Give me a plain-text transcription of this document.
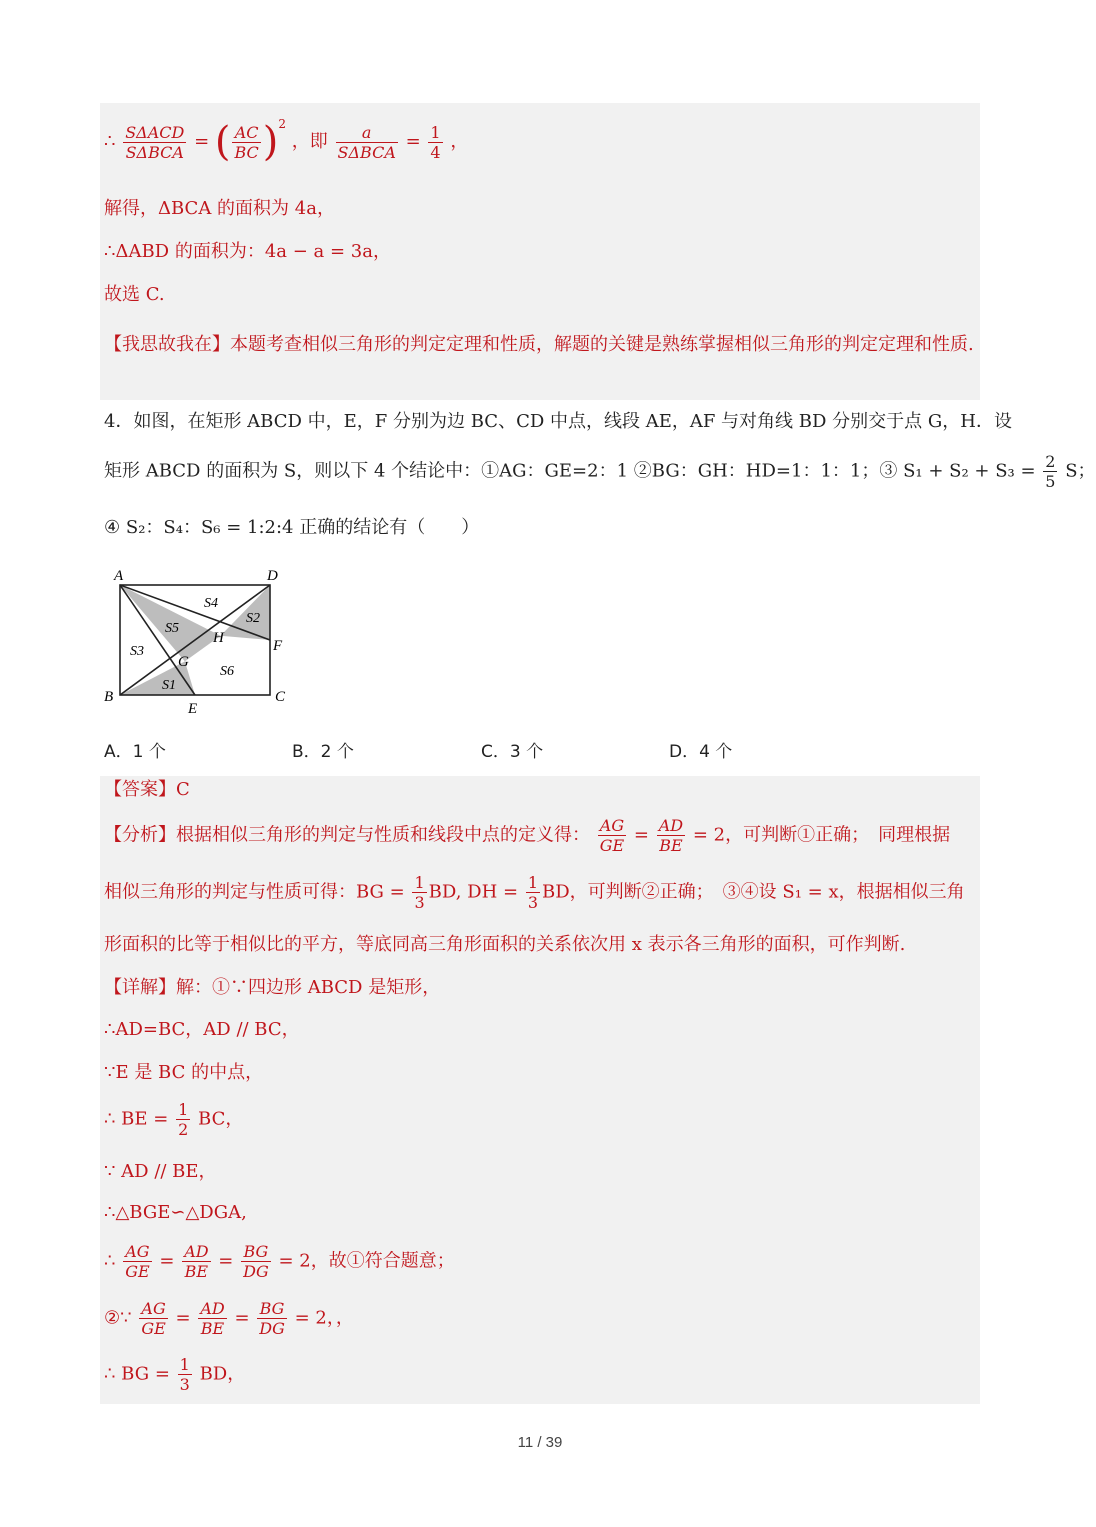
∴ $\frac{\text{SΔACD}}{\text{SΔBCA}}$ = ( $\frac{AC}{BC} )^2$ ，即 $\frac{a}{\text{SΔBCA}} = \frac{1}{4}$ ，
解得，ΔBCA 的面积为 4a，
∴ΔABD 的面积为：4a − a = 3a，
故选 C.
【我思故我在】本题考查相似三角形的判定定理和性质，解题的关键是熟练掌握相似三角形的判定定理和性质.
4．如图，在矩形 ABCD 中，E，F 分别为边 BC、CD 中点，线段 AE，AF 与对角线 BD 分别交于点 G，H．设
矩形 ABCD 的面积为 S，则以下 4 个结论中：①AG：GE=2：1 ②BG：GH：HD=1：1：1；③ $S_1 + S_2 + S_3 = \frac{2}{5}$ S；
④ S₂：S₄：S₆ = 1:2:4 正确的结论有（　　）
A	D
B	C
E
F
G
H
S1
S2
S3
S4
S5
S6
A．1 个	B．2 个	C．3 个	D．4 个
【答案】C
【分析】根据相似三角形的判定与性质和线段中点的定义得： $\frac{AG}{GE} = \frac{AD}{BE} = 2$，可判断①正确；　同理根据
相似三角形的判定与性质可得：BG = $\frac{1}{3}$ BD, DH = $\frac{1}{3}$ BD，可判断②正确；　③④设 S₁ = x，根据相似三角
形面积的比等于相似比的平方，等底同高三角形面积的关系依次用 x 表示各三角形的面积，可作判断.
【详解】解：①∵四边形 ABCD 是矩形，
∴AD=BC，AD // BC，
∵E 是 BC 的中点，
∴ BE = $\frac{1}{2}$ BC，
∵ AD // BE，
∴△BGE∽△DGA,
∴ $\frac{AG}{GE} = \frac{AD}{BE} = \frac{BG}{DG} = 2$，故①符合题意；
②∵ $\frac{AG}{GE} = \frac{AD}{BE} = \frac{BG}{DG} = 2$，，
∴ BG = $\frac{1}{3}$ BD，
11 / 39
